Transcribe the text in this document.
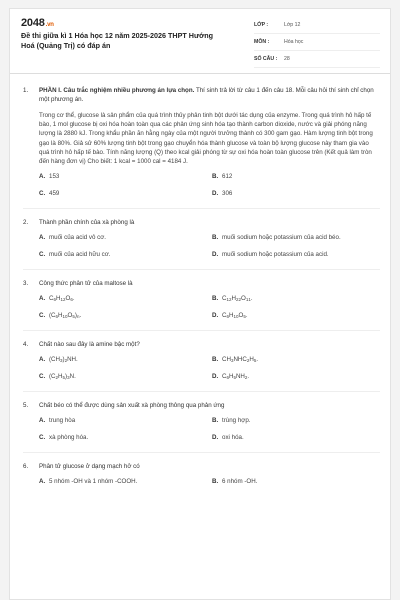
2048.vn
Đề thi giữa kì 1 Hóa học 12 năm 2025-2026 THPT Hướng Hoá (Quảng Trị) có đáp án
LỚP :	Lớp 12
MÔN :	Hóa học
SỐ CÂU :	28
1.	PHẦN I. Câu trắc nghiệm nhiều phương án lựa chọn. Thí sinh trả lời từ câu 1 đến câu 18. Mỗi câu hỏi thí sinh chỉ chọn một phương án.
Trong cơ thể, glucose là sản phẩm của quá trình thủy phân tinh bột dưới tác dụng của enzyme. Trong quá trình hô hấp tế bào, 1 mol glucose bị oxi hóa hoàn toàn qua các phản ứng sinh hóa tạo thành carbon dioxide, nước và giải phóng năng lượng là 2880 kJ. Trong khẩu phần ăn hằng ngày của một người trưởng thành có 300 gam gạo. Hàm lượng tinh bột trong gạo là 80%. Giả sử 60% lượng tinh bột trong gạo chuyển hóa thành glucose và toàn bộ lượng glucose này tham gia vào quá trình hô hấp tế bào. Tính năng lượng (Q) theo kcal giải phóng từ sự oxi hóa hoàn toàn glucose trên (Kết quả làm tròn đến hàng đơn vị) Cho biết: 1 kcal = 1000 cal = 4184 J.
A. 153	B. 612
C. 459	D. 306
2.	Thành phần chính của xà phòng là
A. muối của acid vô cơ.	B. muối sodium hoặc potassium của acid béo.
C. muối của acid hữu cơ.	D. muối sodium hoặc potassium của acid.
3.	Công thức phân tử của maltose là
A. $C_6H_{12}O_6$.	B. $C_{12}H_{22}O_{11}$.
C. $(C_6H_{10}O_5)_n$.	D. $C_6H_{10}O_5$.
4.	Chất nào sau đây là amine bậc một?
A. $(CH_3)_2NH$.	B. $CH_3NHC_2H_5$.
C. $(C_2H_5)_3N$.	D. $C_6H_5NH_2$.
5.	Chất béo có thể được dùng sản xuất xà phòng thông qua phản ứng
A. trung hòa	B. trùng hợp.
C. xà phòng hóa.	D. oxi hóa.
6.	Phân tử glucose ở dạng mạch hở có
A. 5 nhóm -OH và 1 nhóm -COOH.	B. 6 nhóm -OH.
